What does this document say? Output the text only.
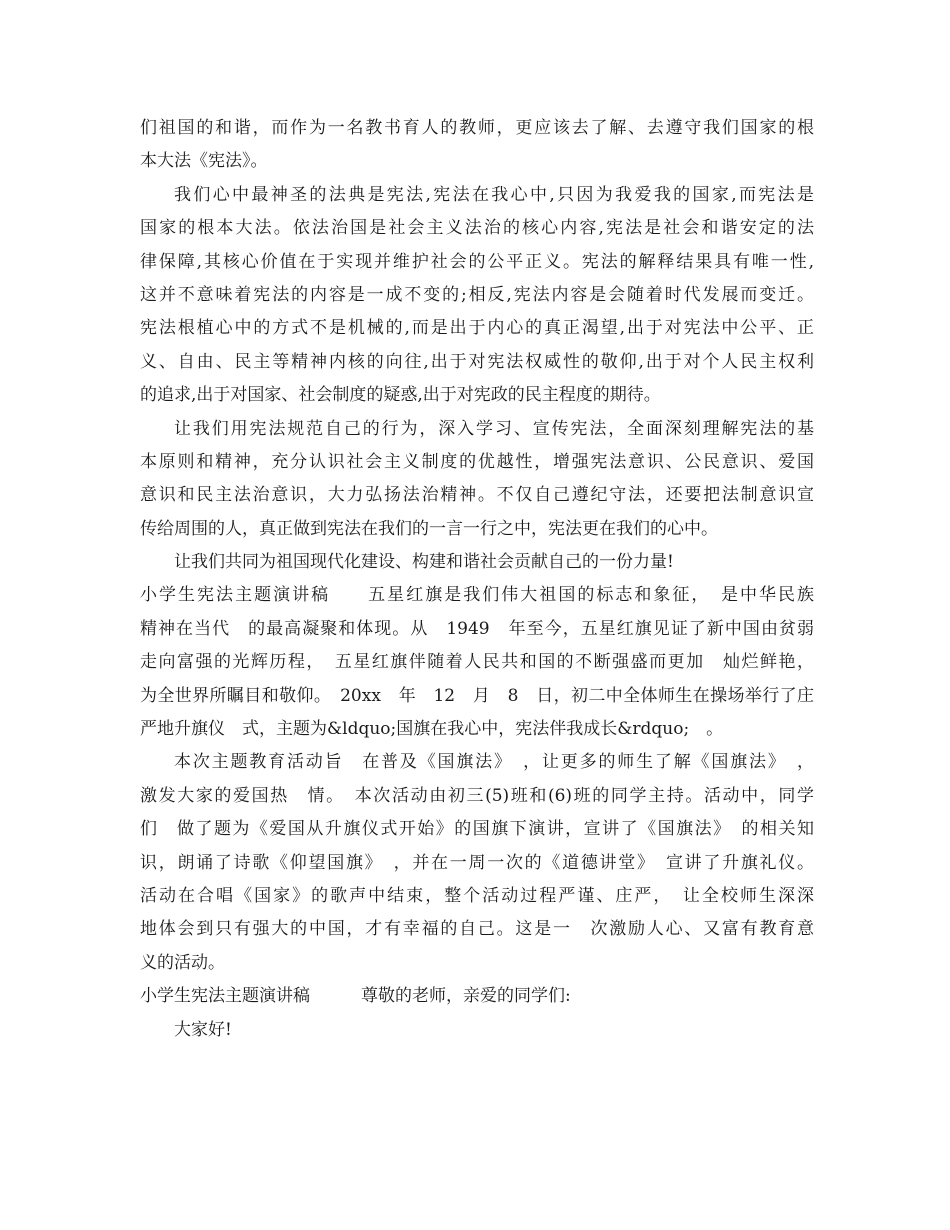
们祖国的和谐，而作为一名教书育人的教师，更应该去了解、去遵守我们国家的根
本大法《宪法》。
我们心中最神圣的法典是宪法,宪法在我心中,只因为我爱我的国家,而宪法是
国家的根本大法。依法治国是社会主义法治的核心内容,宪法是社会和谐安定的法
律保障,其核心价值在于实现并维护社会的公平正义。宪法的解释结果具有唯一性,
这并不意味着宪法的内容是一成不变的;相反,宪法内容是会随着时代发展而变迁。
宪法根植心中的方式不是机械的,而是出于内心的真正渴望,出于对宪法中公平、正
义、自由、民主等精神内核的向往,出于对宪法权威性的敬仰,出于对个人民主权利
的追求,出于对国家、社会制度的疑惑,出于对宪政的民主程度的期待。
让我们用宪法规范自己的行为，深入学习、宣传宪法，全面深刻理解宪法的基
本原则和精神，充分认识社会主义制度的优越性，增强宪法意识、公民意识、爱国
意识和民主法治意识，大力弘扬法治精神。不仅自己遵纪守法，还要把法制意识宣
传给周围的人，真正做到宪法在我们的一言一行之中，宪法更在我们的心中。
让我们共同为祖国现代化建设、构建和谐社会贡献自己的一份力量!
小学生宪法主题演讲稿　　五星红旗是我们伟大祖国的标志和象征，　是中华民族
精神在当代　的最高凝聚和体现。从　1949　年至今，五星红旗见证了新中国由贫弱
走向富强的光辉历程，　五星红旗伴随着人民共和国的不断强盛而更加　灿烂鲜艳，
为全世界所瞩目和敬仰。　20xx　年　12　月　8　日，初二中全体师生在操场举行了庄
严地升旗仪　式，主题为&ldquo;国旗在我心中，宪法伴我成长&rdquo;　。
本次主题教育活动旨　在普及《国旗法》　，让更多的师生了解《国旗法》　，
激发大家的爱国热　情。　本次活动由初三(5)班和(6)班的同学主持。活动中，同学
们　做了题为《爱国从升旗仪式开始》的国旗下演讲，宣讲了《国旗法》　的相关知
识，朗诵了诗歌《仰望国旗》　，并在一周一次的《道德讲堂》　宣讲了升旗礼仪。
活动在合唱《国家》的歌声中结束，整个活动过程严谨、庄严，　让全校师生深深
地体会到只有强大的中国，才有幸福的自己。这是一　次激励人心、又富有教育意
义的活动。
小学生宪法主题演讲稿　　　尊敬的老师，亲爱的同学们:
大家好!
